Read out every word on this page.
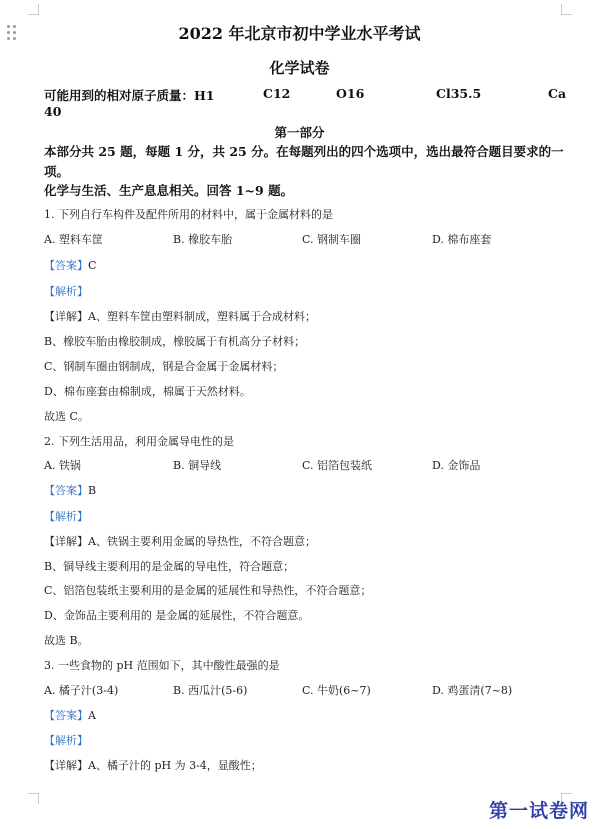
2022 年北京市初中学业水平考试
化学试卷
可能用到的相对原子质量：H1	C12	O16	Cl35.5	Ca
40
第一部分
本部分共 25 题，每题 1 分，共 25 分。在每题列出的四个选项中，选出最符合题目要求的一
项。
化学与生活、生产息息相关。回答 1~9 题。
1. 下列自行车构件及配件所用的材料中，属于金属材料的是
A. 塑料车筐	B. 橡胶车胎	C. 钢制车圈	D. 棉布座套
【答案】C
【解析】
【详解】A、塑料车筐由塑料制成，塑料属于合成材料；
B、橡胶车胎由橡胶制成，橡胶属于有机高分子材料；
C、钢制车圈由钢制成，钢是合金属于金属材料；
D、棉布座套由棉制成，棉属于天然材料。
故选 C。
2. 下列生活用品，利用金属导电性的是
A. 铁锅	B. 铜导线	C. 铝箔包装纸	D. 金饰品
【答案】B
【解析】
【详解】A、铁锅主要利用金属的导热性，不符合题意；
B、铜导线主要利用的是金属的导电性，符合题意；
C、铝箔包装纸主要利用的是金属的延展性和导热性，不符合题意；
D、金饰品主要利用的 是金属的延展性，不符合题意。
故选 B。
3. 一些食物的 pH 范围如下，其中酸性最强的是
A. 橘子汁(3-4)	B. 西瓜汁(5-6)	C. 牛奶(6~7)	D. 鸡蛋清(7~8)
【答案】A
【解析】
【详解】A、橘子汁的 pH 为 3-4，显酸性；
第一试卷网
